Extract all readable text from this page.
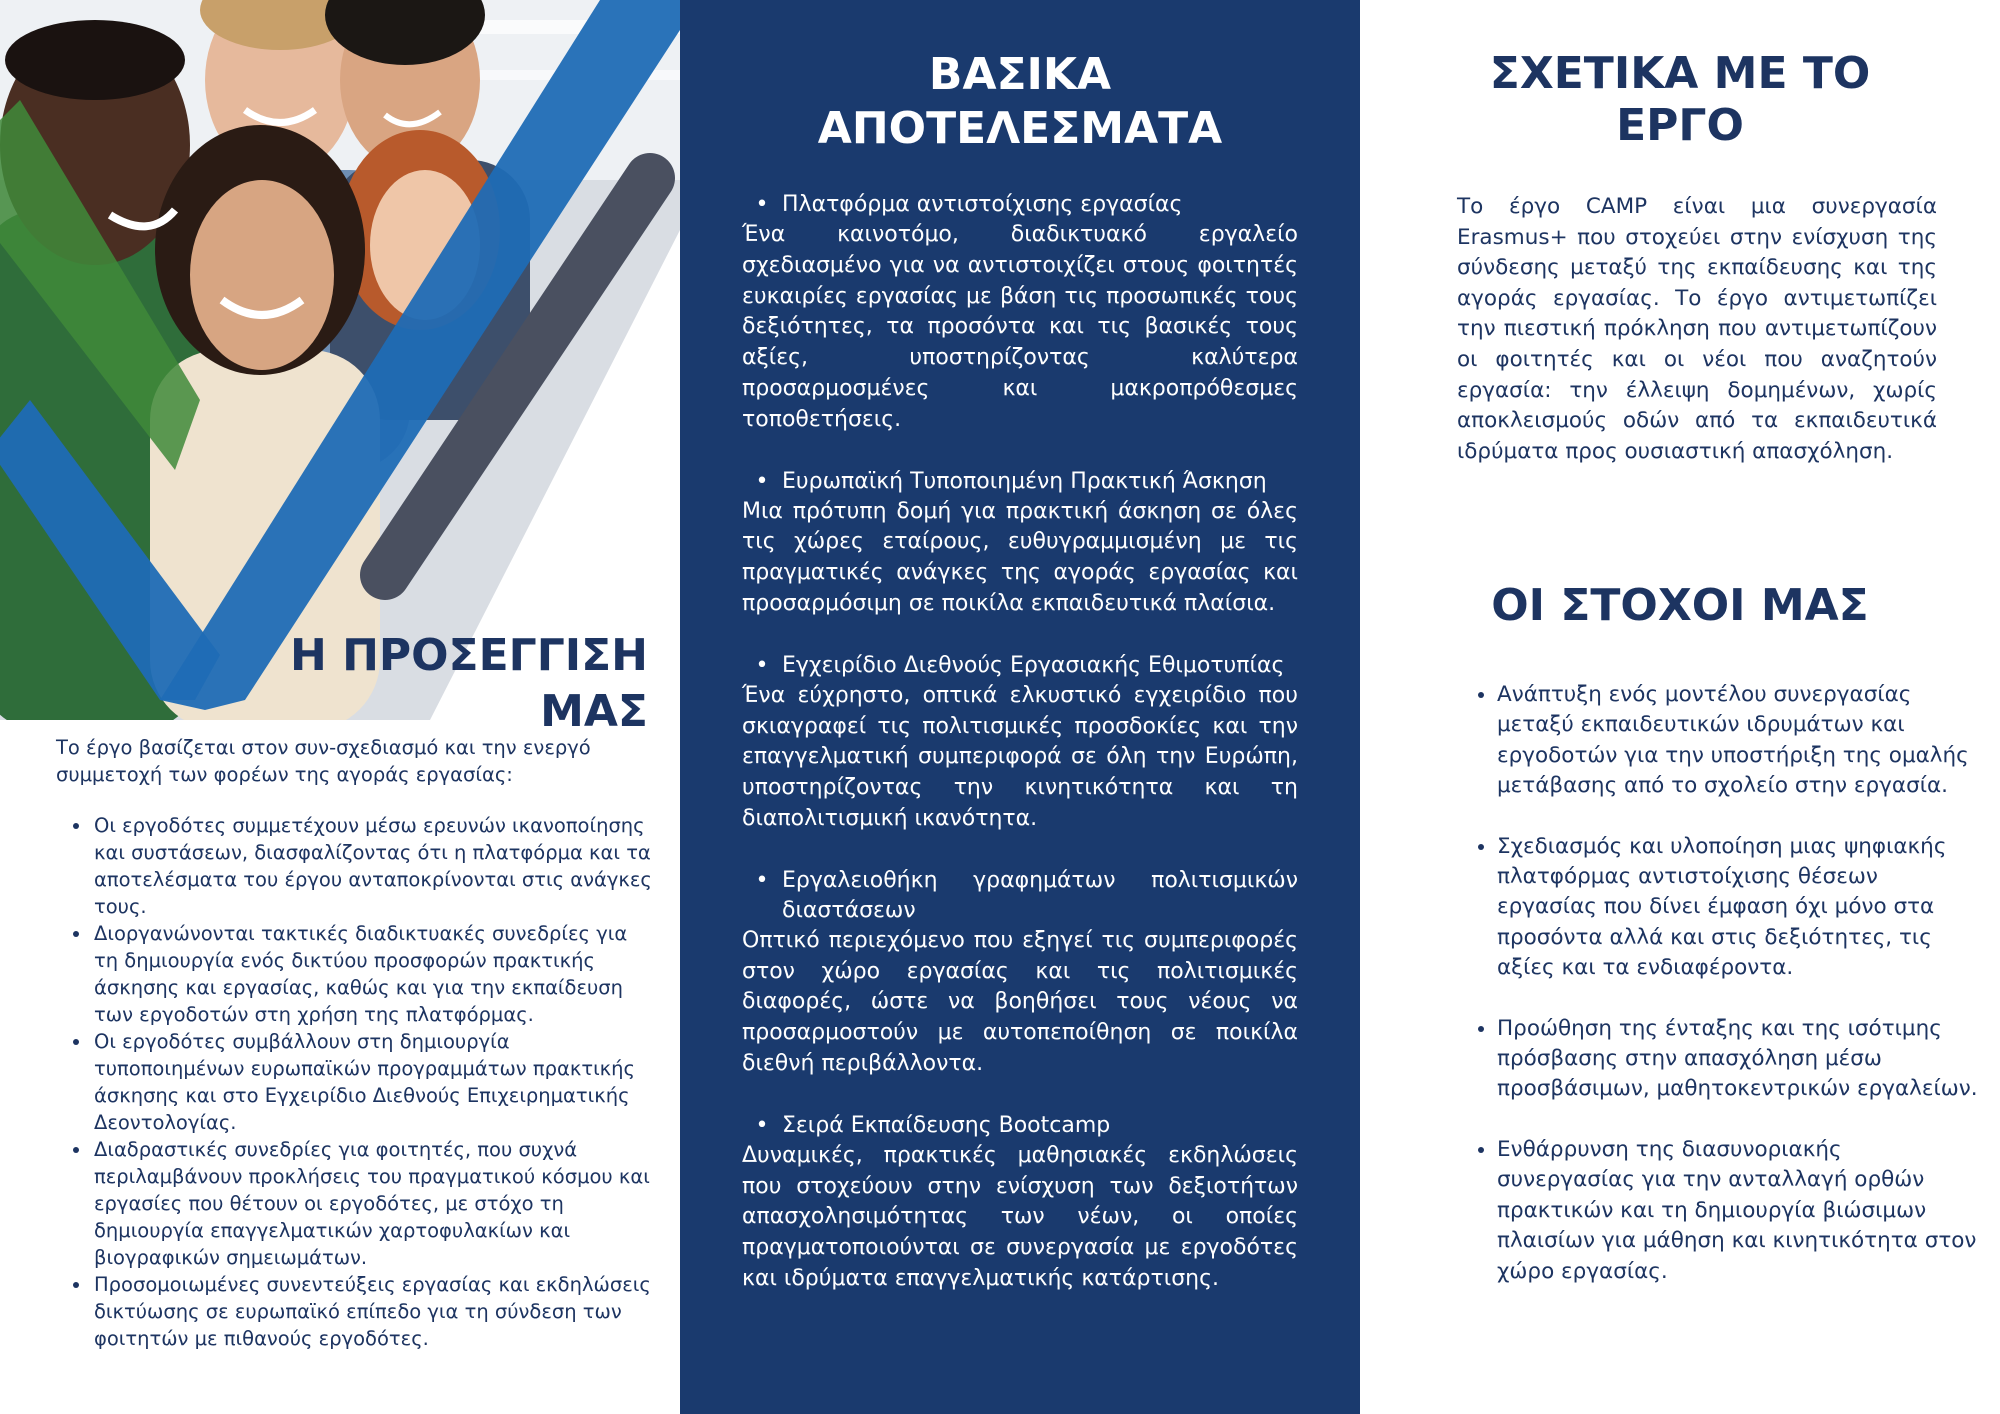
Η ΠΡΟΣΕΓΓΙΣΗ
ΜΑΣ

Το έργο βασίζεται στον συν-σχεδιασμό και την ενεργό συμμετοχή των φορέων της αγοράς εργασίας:

• Οι εργοδότες συμμετέχουν μέσω ερευνών ικανοποίησης και συστάσεων, διασφαλίζοντας ότι η πλατφόρμα και τα αποτελέσματα του έργου ανταποκρίνονται στις ανάγκες τους.
• Διοργανώνονται τακτικές διαδικτυακές συνεδρίες για τη δημιουργία ενός δικτύου προσφορών πρακτικής άσκησης και εργασίας, καθώς και για την εκπαίδευση των εργοδοτών στη χρήση της πλατφόρμας.
• Οι εργοδότες συμβάλλουν στη δημιουργία τυποποιημένων ευρωπαϊκών προγραμμάτων πρακτικής άσκησης και στο Εγχειρίδιο Διεθνούς Επιχειρηματικής Δεοντολογίας.
• Διαδραστικές συνεδρίες για φοιτητές, που συχνά περιλαμβάνουν προκλήσεις του πραγματικού κόσμου και εργασίες που θέτουν οι εργοδότες, με στόχο τη δημιουργία επαγγελματικών χαρτοφυλακίων και βιογραφικών σημειωμάτων.
• Προσομοιωμένες συνεντεύξεις εργασίας και εκδηλώσεις δικτύωσης σε ευρωπαϊκό επίπεδο για τη σύνδεση των φοιτητών με πιθανούς εργοδότες.
ΒΑΣΙΚΑ
ΑΠΟΤΕΛΕΣΜΑΤΑ
• Πλατφόρμα αντιστοίχισης εργασίας

Ένα καινοτόμο, διαδικτυακό εργαλείο σχεδιασμένο για να αντιστοιχίζει στους φοιτητές ευκαιρίες εργασίας με βάση τις προσωπικές τους δεξιότητες, τα προσόντα και τις βασικές τους αξίες, υποστηρίζοντας καλύτερα προσαρμοσμένες και μακροπρόθεσμες τοποθετήσεις.

• Ευρωπαϊκή Τυποποιημένη Πρακτική Άσκηση

Μια πρότυπη δομή για πρακτική άσκηση σε όλες τις χώρες εταίρους, ευθυγραμμισμένη με τις πραγματικές ανάγκες της αγοράς εργασίας και προσαρμόσιμη σε ποικίλα εκπαιδευτικά πλαίσια.

• Εγχειρίδιο Διεθνούς Εργασιακής Εθιμοτυπίας

Ένα εύχρηστο, οπτικά ελκυστικό εγχειρίδιο που σκιαγραφεί τις πολιτισμικές προσδοκίες και την επαγγελματική συμπεριφορά σε όλη την Ευρώπη, υποστηρίζοντας την κινητικότητα και τη διαπολιτισμική ικανότητα.

• Εργαλειοθήκη γραφημάτων πολιτισμικών διαστάσεων

Οπτικό περιεχόμενο που εξηγεί τις συμπεριφορές στον χώρο εργασίας και τις πολιτισμικές διαφορές, ώστε να βοηθήσει τους νέους να προσαρμοστούν με αυτοπεποίθηση σε ποικίλα διεθνή περιβάλλοντα.

• Σειρά Εκπαίδευσης Bootcamp

Δυναμικές, πρακτικές μαθησιακές εκδηλώσεις που στοχεύουν στην ενίσχυση των δεξιοτήτων απασχολησιμότητας των νέων, οι οποίες πραγματοποιούνται σε συνεργασία με εργοδότες και ιδρύματα επαγγελματικής κατάρτισης.

ΣΧΕΤΙΚΑ ΜΕ ΤΟ
ΕΡΓΟ

Το έργο CAMP είναι μια συνεργασία Erasmus+ που στοχεύει στην ενίσχυση της σύνδεσης μεταξύ της εκπαίδευσης και της αγοράς εργασίας. Το έργο αντιμετωπίζει την πιεστική πρόκληση που αντιμετωπίζουν οι φοιτητές και οι νέοι που αναζητούν εργασία: την έλλειψη δομημένων, χωρίς αποκλεισμούς οδών από τα εκπαιδευτικά ιδρύματα προς ουσιαστική απασχόληση.

ΟΙ ΣΤΟΧΟΙ ΜΑΣ
• Ανάπτυξη ενός μοντέλου συνεργασίας μεταξύ εκπαιδευτικών ιδρυμάτων και εργοδοτών για την υποστήριξη της ομαλής μετάβασης από το σχολείο στην εργασία.
• Σχεδιασμός και υλοποίηση μιας ψηφιακής πλατφόρμας αντιστοίχισης θέσεων εργασίας που δίνει έμφαση όχι μόνο στα προσόντα αλλά και στις δεξιότητες, τις αξίες και τα ενδιαφέροντα.
• Προώθηση της ένταξης και της ισότιμης πρόσβασης στην απασχόληση μέσω προσβάσιμων, μαθητοκεντρικών εργαλείων.
• Ενθάρρυνση της διασυνοριακής συνεργασίας για την ανταλλαγή ορθών πρακτικών και τη δημιουργία βιώσιμων πλαισίων για μάθηση και κινητικότητα στον χώρο εργασίας.
